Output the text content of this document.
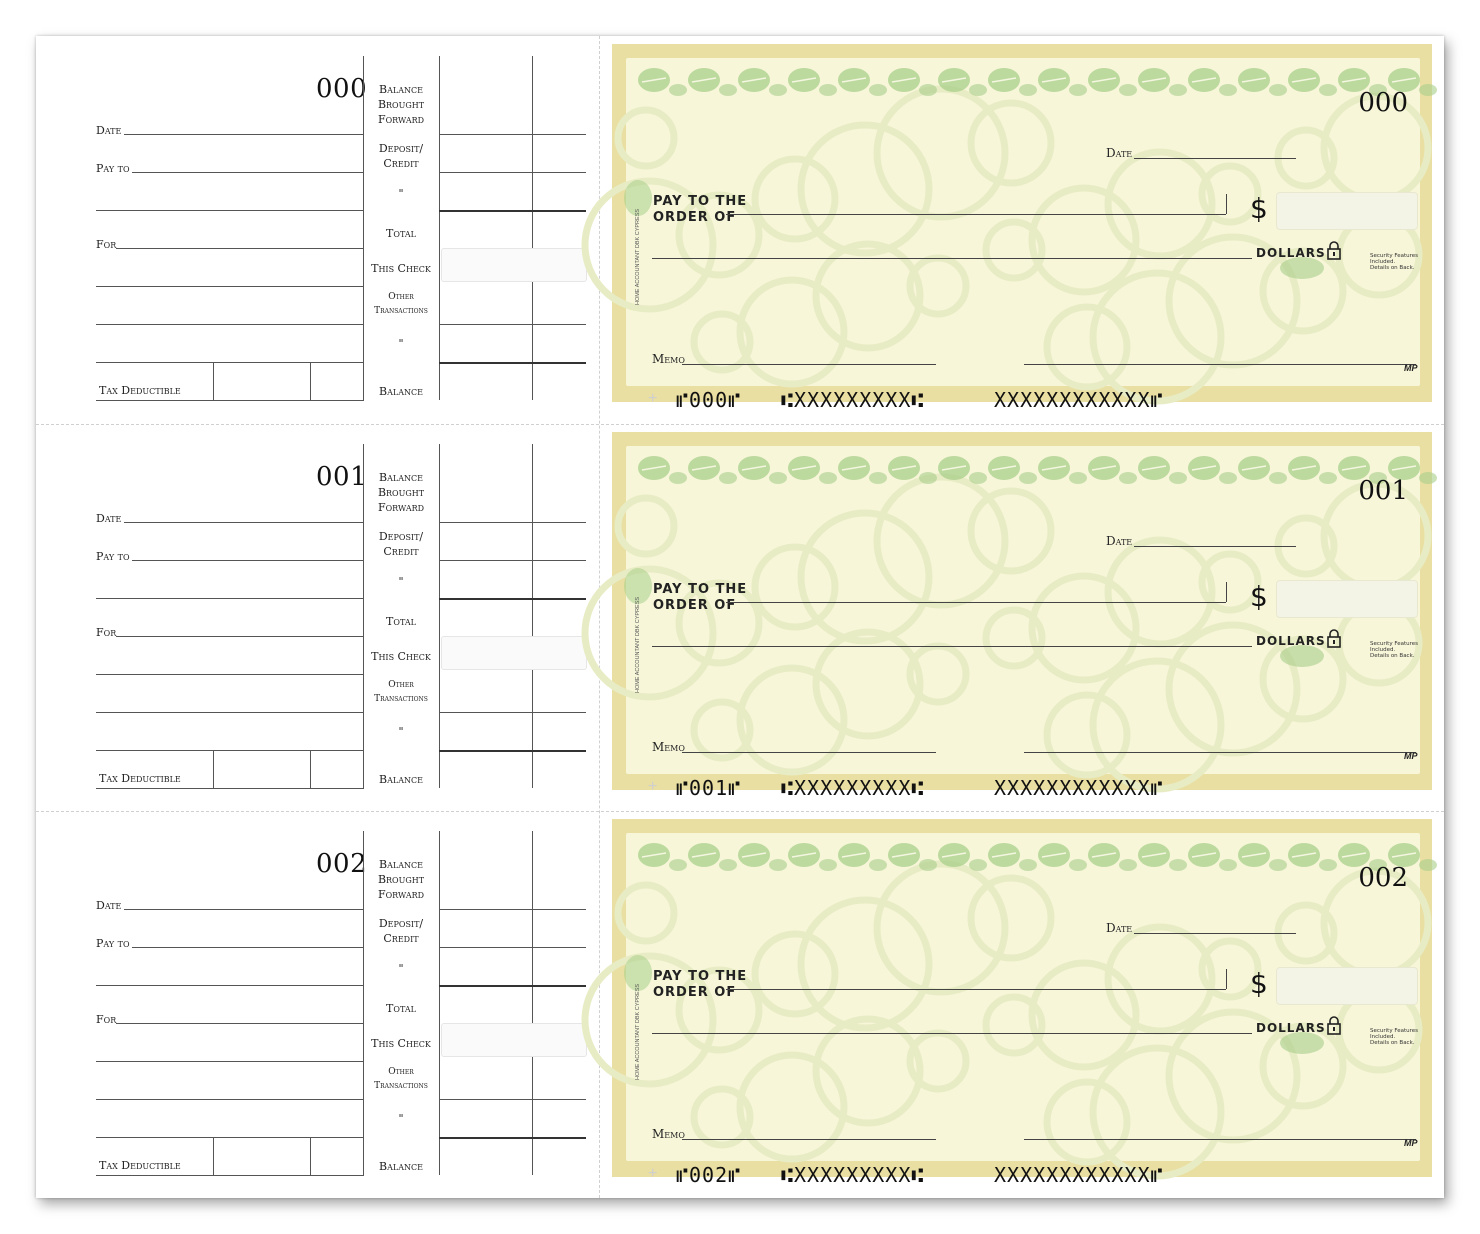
000
Date
Pay to
For
Tax Deductible
Balance
Brought
Forward
Deposit/
Credit
"
Total
This Check
Other
Transactions
"
Balance
000
Date
PAY TO THE
ORDER OF	$
DOLLARS	Security Features
Included.
Details on Back.
HOME ACCOUNTANT DBK CYPRESS
Memo
MP
+ ⑈000⑈ ⑆XXXXXXXXX⑆	XXXXXXXXXXXX⑈
001
Date
Pay to
For
Tax Deductible
Balance
Brought
Forward
Deposit/
Credit
"
Total
This Check
Other
Transactions
"
Balance
001
Date
PAY TO THE
ORDER OF	$
DOLLARS	Security Features
Included.
Details on Back.
HOME ACCOUNTANT DBK CYPRESS
Memo
MP
+ ⑈001⑈ ⑆XXXXXXXXX⑆	XXXXXXXXXXXX⑈
002
Date
Pay to
For
Tax Deductible
Balance
Brought
Forward
Deposit/
Credit
"
Total
This Check
Other
Transactions
"
Balance
002
Date
PAY TO THE
ORDER OF	$
DOLLARS	Security Features
Included.
Details on Back.
HOME ACCOUNTANT DBK CYPRESS
Memo
MP
+ ⑈002⑈ ⑆XXXXXXXXX⑆	XXXXXXXXXXXX⑈
